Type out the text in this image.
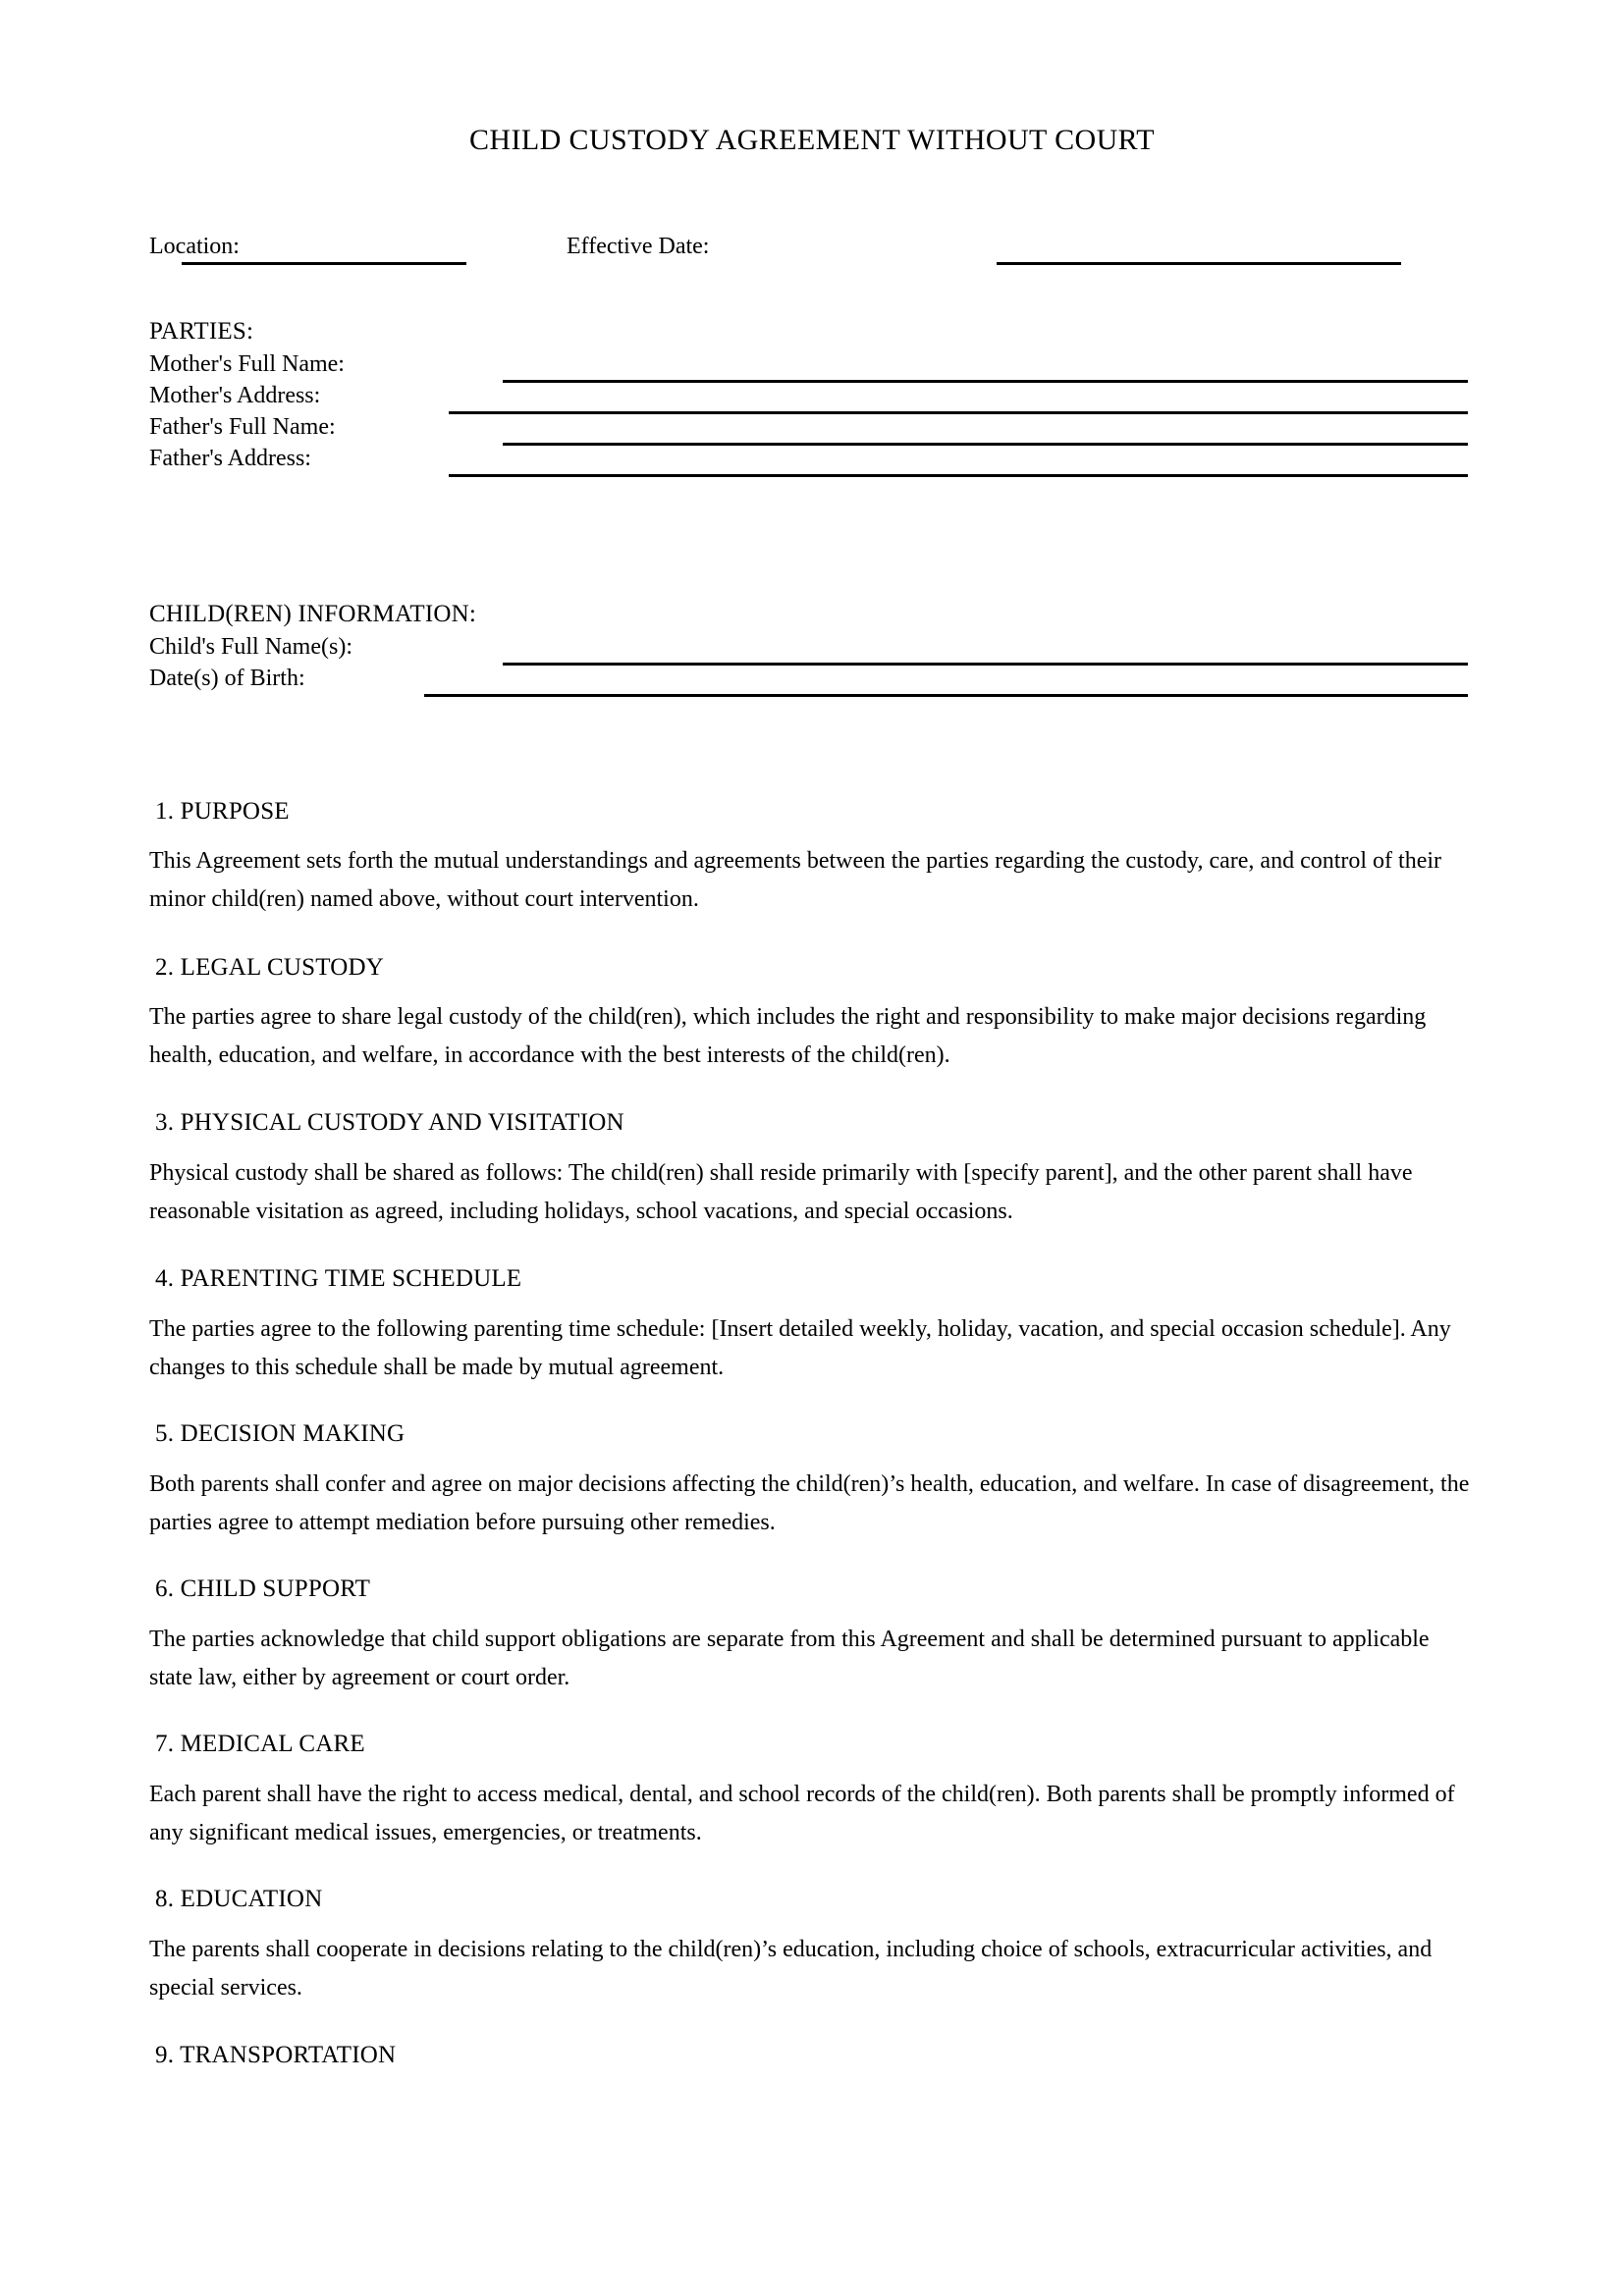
CHILD CUSTODY AGREEMENT WITHOUT COURT
Location:	Effective Date:
PARTIES:
Mother's Full Name:
Mother's Address:
Father's Full Name:
Father's Address:
CHILD(REN) INFORMATION:
Child's Full Name(s):
Date(s) of Birth:
1. PURPOSE
This Agreement sets forth the mutual understandings and agreements between the parties regarding the custody, care, and control of their minor child(ren) named above, without court intervention.
2. LEGAL CUSTODY
The parties agree to share legal custody of the child(ren), which includes the right and responsibility to make major decisions regarding health, education, and welfare, in accordance with the best interests of the child(ren).
3. PHYSICAL CUSTODY AND VISITATION
Physical custody shall be shared as follows: The child(ren) shall reside primarily with [specify parent], and the other parent shall have reasonable visitation as agreed, including holidays, school vacations, and special occasions.
4. PARENTING TIME SCHEDULE
The parties agree to the following parenting time schedule: [Insert detailed weekly, holiday, vacation, and special occasion schedule]. Any changes to this schedule shall be made by mutual agreement.
5. DECISION MAKING
Both parents shall confer and agree on major decisions affecting the child(ren)’s health, education, and welfare. In case of disagreement, the parties agree to attempt mediation before pursuing other remedies.
6. CHILD SUPPORT
The parties acknowledge that child support obligations are separate from this Agreement and shall be determined pursuant to applicable state law, either by agreement or court order.
7. MEDICAL CARE
Each parent shall have the right to access medical, dental, and school records of the child(ren). Both parents shall be promptly informed of any significant medical issues, emergencies, or treatments.
8. EDUCATION
The parents shall cooperate in decisions relating to the child(ren)’s education, including choice of schools, extracurricular activities, and special services.
9. TRANSPORTATION
